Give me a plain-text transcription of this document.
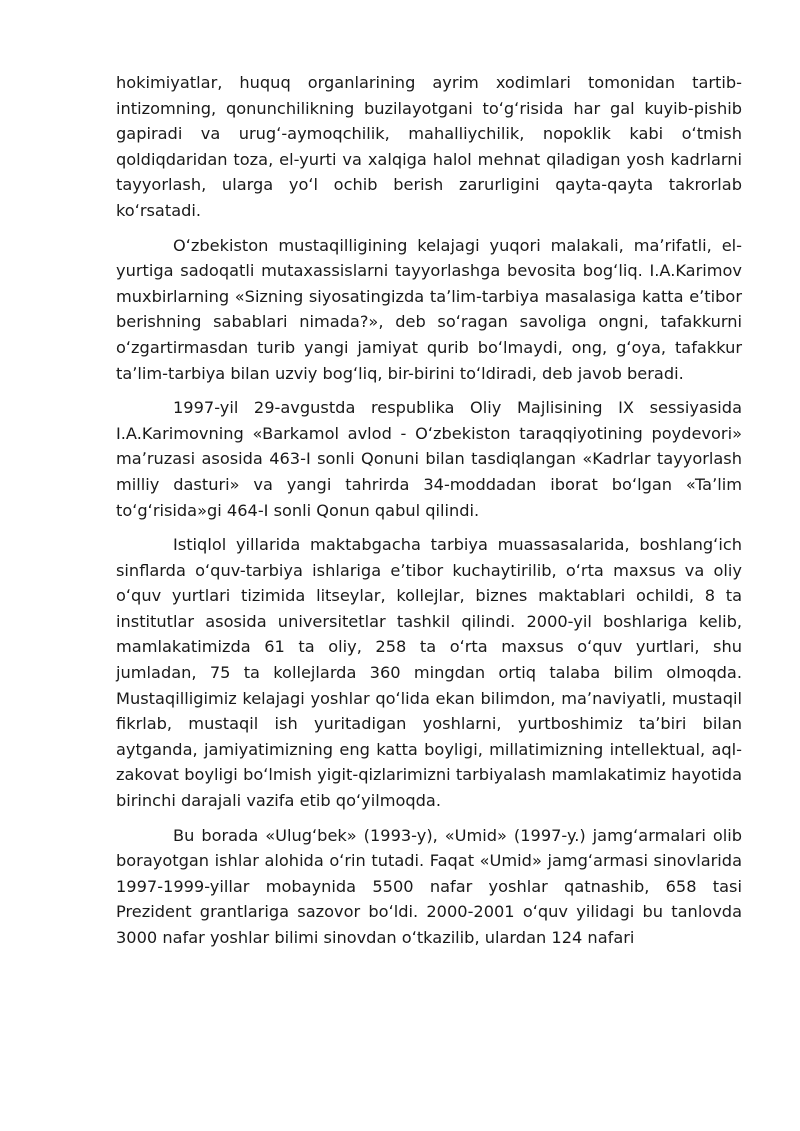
hokimiyatlar, huquq organlarining ayrim xodimlari tomonidan tartib-intizomning, qonunchilikning buzilayotgani toʻgʻrisida har gal kuyib-pishib gapiradi va urugʻ-aymoqchilik, mahalliychilik, nopoklik kabi oʻtmish qoldiqdaridan toza, el-yurti va xalqiga halol mehnat qiladigan yosh kadrlarni tayyorlash, ularga yoʻl ochib berish zarurligini qayta-qayta takrorlab koʻrsatadi.

Oʻzbekiston mustaqilligining kelajagi yuqori malakali, maʼrifatli, el- yurtiga sadoqatli mutaxassislarni tayyorlashga bevosita bogʻliq. I.A.Karimov muxbirlarning «Sizning siyosatingizda taʼlim-tarbiya masalasiga katta eʼtibor berishning sabablari nimada?», deb soʻragan savoliga ongni, tafakkurni oʻzgartirmasdan turib yangi jamiyat qurib boʻlmaydi, ong, gʻoya, tafakkur taʼlim-tarbiya bilan uzviy bogʻliq, bir-birini toʻldiradi, deb javob beradi.

1997-yil 29-avgustda respublika Oliy Majlisining IX sessiyasida I.A.Karimovning «Barkamol avlod - Oʻzbekiston taraqqiyotining poydevori» maʼruzasi asosida 463-I sonli Qonuni bilan tasdiqlangan «Kadrlar tayyorlash milliy dasturi» va yangi tahrirda 34-moddadan iborat boʻlgan «Taʼlim toʻgʻrisida»gi 464-I sonli Qonun qabul qilindi.

Istiqlol yillarida maktabgacha tarbiya muassasalarida, boshlangʻich sinflarda oʻquv-tarbiya ishlariga eʼtibor kuchaytirilib, oʻrta maxsus va oliy oʻquv yurtlari tizimida litseylar, kollejlar, biznes maktablari ochildi, 8 ta institutlar asosida universitetlar tashkil qilindi. 2000-yil boshlariga kelib, mamlakatimizda 61 ta oliy, 258 ta oʻrta maxsus oʻquv yurtlari, shu jumladan, 75 ta kollejlarda 360 mingdan ortiq talaba bilim olmoqda. Mustaqilligimiz kelajagi yoshlar qoʻlida ekan bilimdon, maʼnaviyatli, mustaqil fikrlab, mustaqil ish yuritadigan yoshlarni, yurtboshimiz taʼbiri bilan aytganda, jamiyatimizning eng katta boyligi, millatimizning intellektual, aql-zakovat boyligi boʻlmish yigit-qizlarimizni tarbiyalash mamlakatimiz hayotida birinchi darajali vazifa etib qoʻyilmoqda.

Bu borada «Ulugʻbek» (1993-y), «Umid» (1997-y.) jamgʻarmalari olib borayotgan ishlar alohida oʻrin tutadi. Faqat «Umid» jamgʻarmasi sinovlarida 1997-1999-yillar mobaynida 5500 nafar yoshlar qatnashib, 658 tasi Prezident grantlariga sazovor boʻldi. 2000-2001 oʻquv yilidagi bu tanlovda 3000 nafar yoshlar bilimi sinovdan oʻtkazilib, ulardan 124 nafari
